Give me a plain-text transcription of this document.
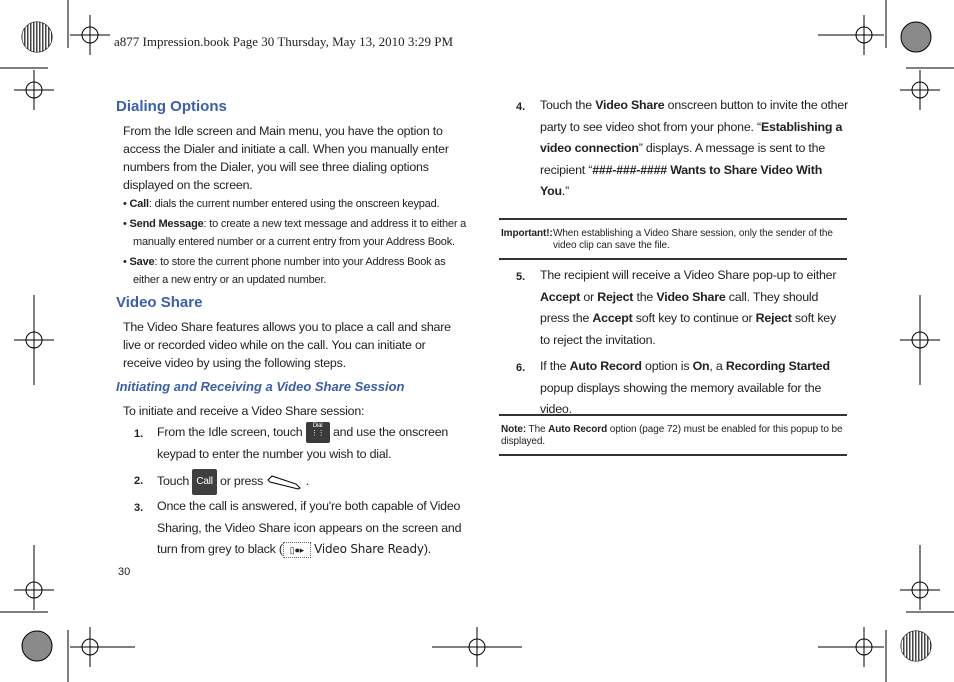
a877 Impression.book Page 30 Thursday, May 13, 2010 3:29 PM
Dialing Options
From the Idle screen and Main menu, you have the option to access the Dialer and initiate a call. When you manually enter numbers from the Dialer, you will see three dialing options displayed on the screen.
• Call: dials the current number entered using the onscreen keypad.
• Send Message: to create a new text message and address it to either a manually entered number or a current entry from your Address Book.
• Save: to store the current phone number into your Address Book as either a new entry or an updated number.
Video Share
The Video Share features allows you to place a call and share live or recorded video while on the call. You can initiate or receive video by using the following steps.
Initiating and Receiving a Video Share Session
To initiate and receive a Video Share session:
1. From the Idle screen, touch	Dial
⋮⋮ and use the onscreen keypad to enter the number you wish to dial.
2. Touch Call or press	.
3. Once the call is answered, if you're both capable of Video Sharing, the Video Share icon appears on the screen and turn from grey to black ( ▯●▸ Video Share Ready).
30
4. Touch the Video Share onscreen button to invite the other party to see video shot from your phone. “Establishing a video connection” displays. A message is sent to the recipient “###-###-#### Wants to Share Video With You.”
Important!: When establishing a Video Share session, only the sender of the video clip can save the file.
5. The recipient will receive a Video Share pop-up to either Accept or Reject the Video Share call. They should press the Accept soft key to continue or Reject soft key to reject the invitation.
6. If the Auto Record option is On, a Recording Started popup displays showing the memory available for the video.
Note: The Auto Record option (page 72) must be enabled for this popup to be displayed.
